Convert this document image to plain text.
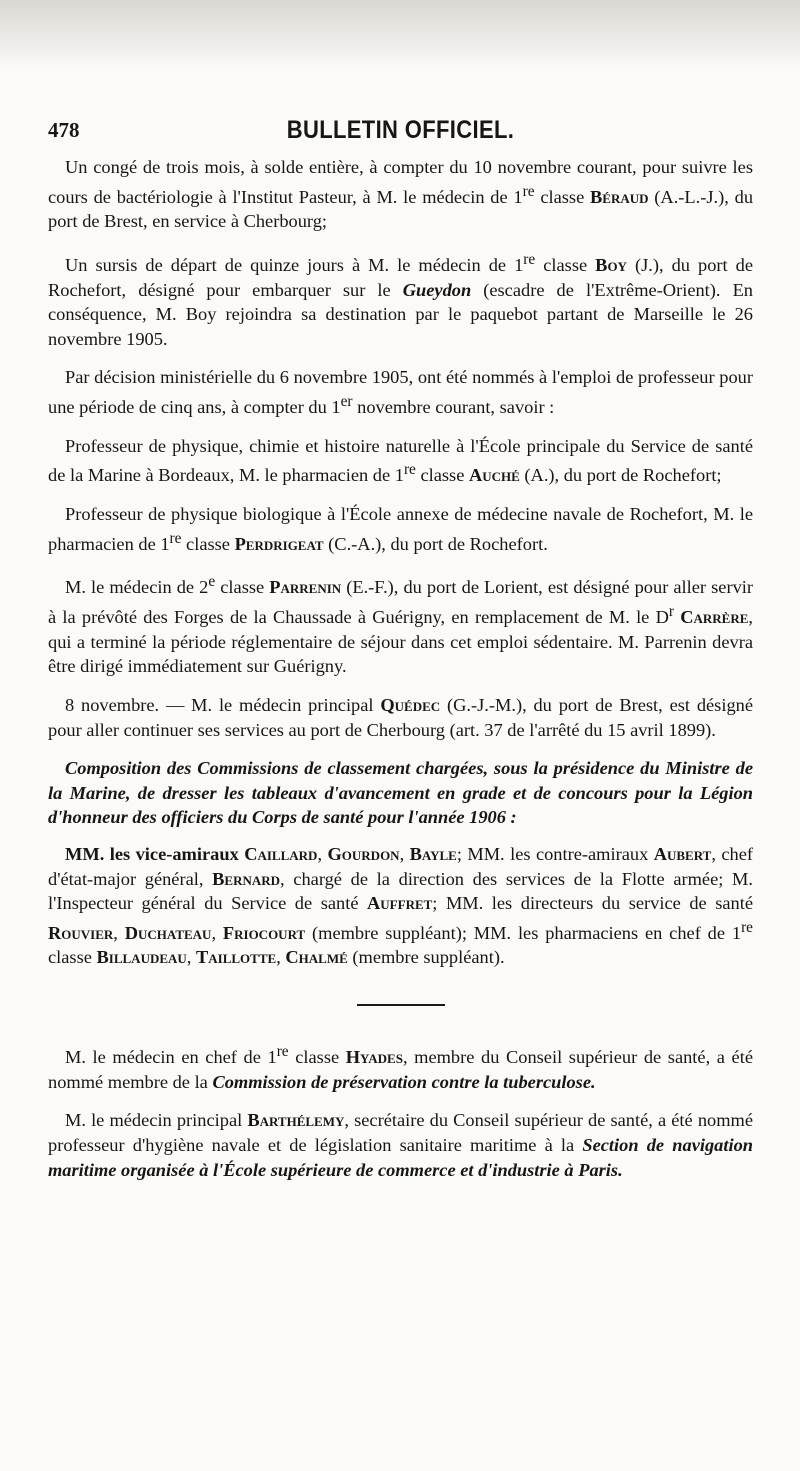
478	BULLETIN OFFICIEL.

Un congé de trois mois, à solde entière, à compter du 10 novembre courant, pour suivre les cours de bactériologie à l'Institut Pasteur, à M. le médecin de 1re classe Béraud (A.-L.-J.), du port de Brest, en service à Cherbourg;

Un sursis de départ de quinze jours à M. le médecin de 1re classe Boy (J.), du port de Rochefort, désigné pour embarquer sur le Gueydon (escadre de l'Extrême-Orient). En conséquence, M. Boy rejoindra sa destination par le paquebot partant de Marseille le 26 novembre 1905.

Par décision ministérielle du 6 novembre 1905, ont été nommés à l'emploi de professeur pour une période de cinq ans, à compter du 1er novembre courant, savoir :

Professeur de physique, chimie et histoire naturelle à l'École principale du Service de santé de la Marine à Bordeaux, M. le pharmacien de 1re classe Auché (A.), du port de Rochefort;

Professeur de physique biologique à l'École annexe de médecine navale de Rochefort, M. le pharmacien de 1re classe Perdrigeat (C.-A.), du port de Rochefort.

M. le médecin de 2e classe Parrenin (E.-F.), du port de Lorient, est désigné pour aller servir à la prévôté des Forges de la Chaussade à Guérigny, en remplacement de M. le $D^r$ Carrère, qui a terminé la période réglementaire de séjour dans cet emploi sédentaire. M. Parrenin devra être dirigé immédiatement sur Guérigny.

8 novembre. — M. le médecin principal Quédec (G.-J.-M.), du port de Brest, est désigné pour aller continuer ses services au port de Cherbourg (art. 37 de l'arrêté du 15 avril 1899).

Composition des Commissions de classement chargées, sous la présidence du Ministre de la Marine, de dresser les tableaux d'avancement en grade et de concours pour la Légion d'honneur des officiers du Corps de santé pour l'année 1906 :

MM. les vice-amiraux Caillard, Gourdon, Bayle; MM. les contre-amiraux Aubert, chef d'état-major général, Bernard, chargé de la direction des services de la Flotte armée; M. l'Inspecteur général du Service de santé Auffret; MM. les directeurs du service de santé Rouvier, Duchateau, Friocourt (membre suppléant); MM. les pharmaciens en chef de 1re classe Billaudeau, Taillotte, Chalmé (membre suppléant).

M. le médecin en chef de 1re classe Hyades, membre du Conseil supérieur de santé, a été nommé membre de la Commission de préservation contre la tuberculose.

M. le médecin principal Barthélemy, secrétaire du Conseil supérieur de santé, a été nommé professeur d'hygiène navale et de législation sanitaire maritime à la Section de navigation maritime organisée à l'École supérieure de commerce et d'industrie à Paris.
